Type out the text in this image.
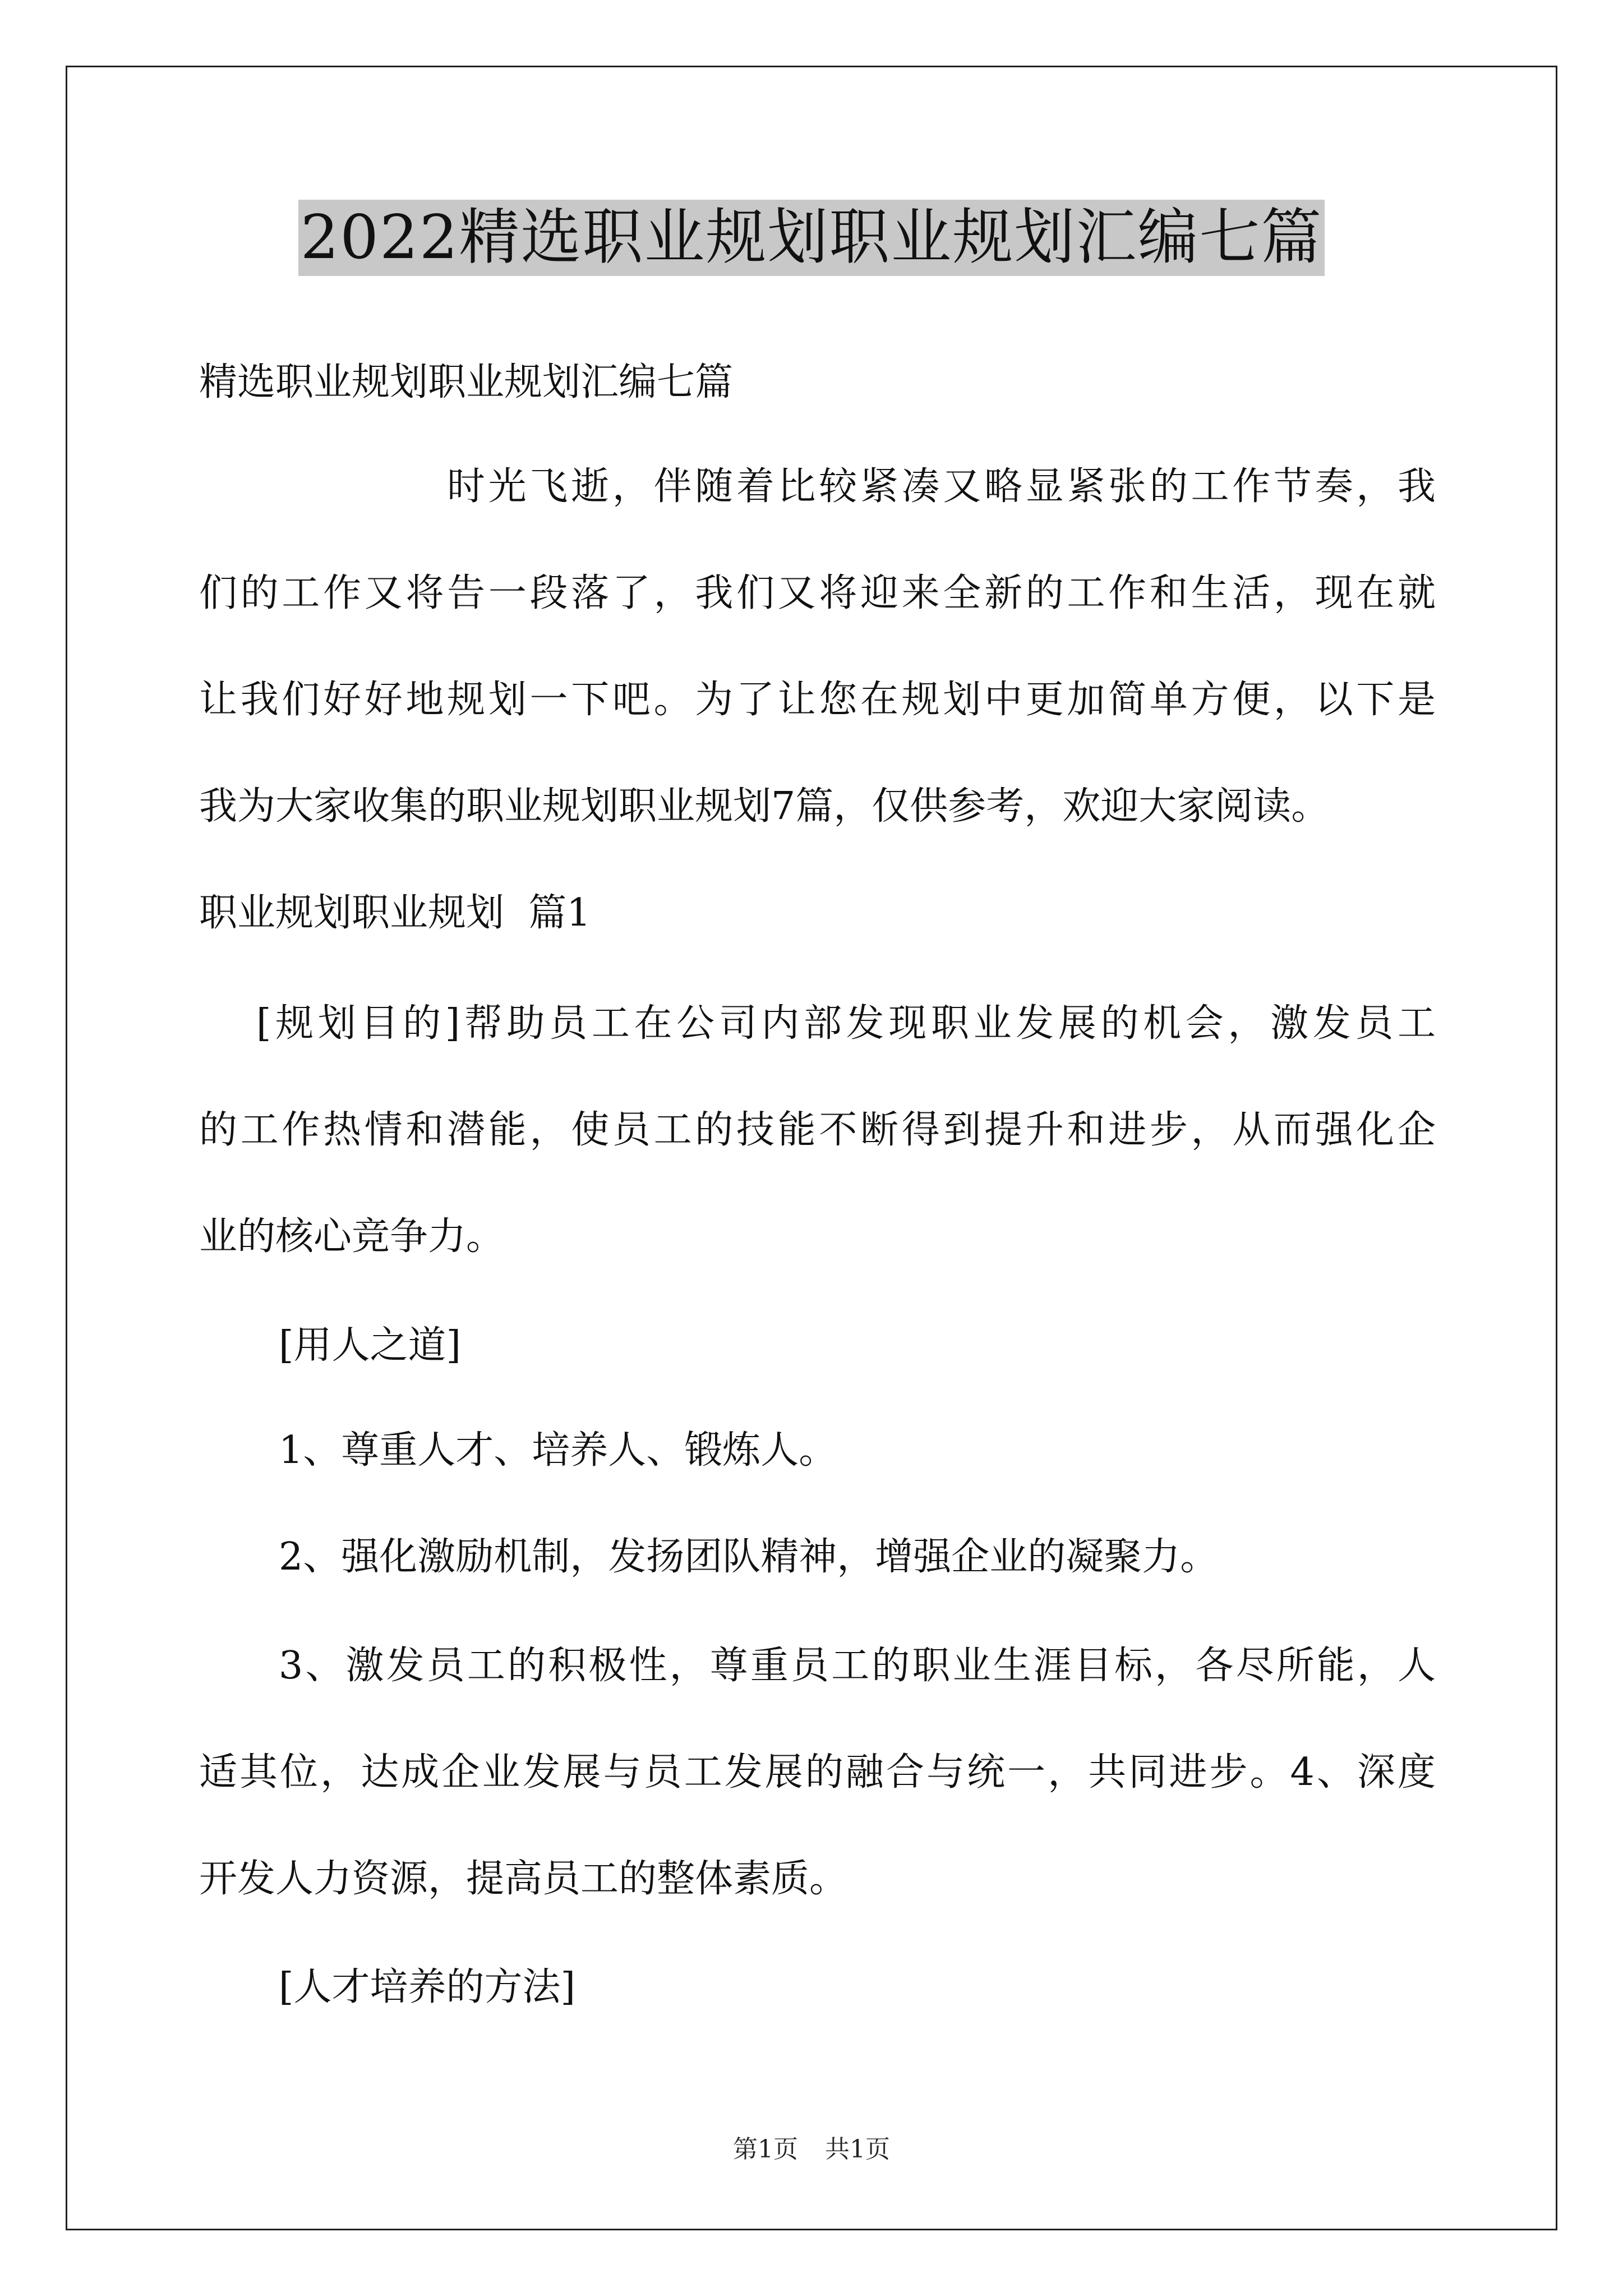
2022精选职业规划职业规划汇编七篇
精选职业规划职业规划汇编七篇
时光飞逝，伴随着比较紧凑又略显紧张的工作节奏，我
们的工作又将告一段落了，我们又将迎来全新的工作和生活，现在就
让我们好好地规划一下吧。为了让您在规划中更加简单方便，以下是
我为大家收集的职业规划职业规划7篇，仅供参考，欢迎大家阅读。
职业规划职业规划  篇1
[规划目的]帮助员工在公司内部发现职业发展的机会，激发员工
的工作热情和潜能，使员工的技能不断得到提升和进步，从而强化企
业的核心竞争力。
[用人之道]
1、尊重人才、培养人、锻炼人。
2、强化激励机制，发扬团队精神，增强企业的凝聚力。
3、激发员工的积极性，尊重员工的职业生涯目标，各尽所能，人
适其位，达成企业发展与员工发展的融合与统一，共同进步。4、深度
开发人力资源，提高员工的整体素质。
[人才培养的方法]
第1页 共1页
